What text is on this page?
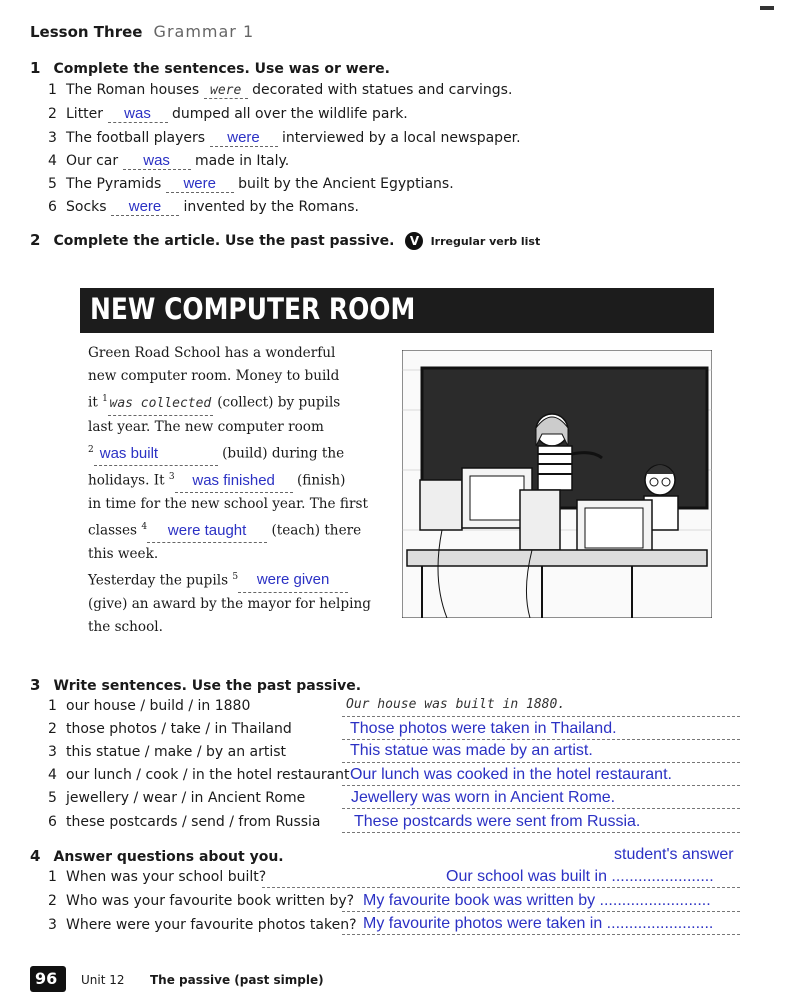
Lesson Three Grammar 1
1 Complete the sentences. Use was or were.
1 The Roman houses were decorated with statues and carvings.
2 Litter was dumped all over the wildlife park.
3 The football players were interviewed by a local newspaper.
4 Our car was made in Italy.
5 The Pyramids were built by the Ancient Egyptians.
6 Socks were invented by the Romans.
2 Complete the article. Use the past passive. V Irregular verb list
NEW COMPUTER ROOM
Green Road School has a wonderful
new computer room. Money to build
it $^1$ was collected (collect) by pupils
last year. The new computer room
$^2$ was built	(build) during the
holidays. It $^3$ was finished (finish)
in time for the new school year. The first
classes $^4$ were taught (teach) there
this week.
Yesterday the pupils $^5$ were given
(give) an award by the mayor for helping
the school.
3 Write sentences. Use the past passive.
1 our house / build / in 1880
2 those photos / take / in Thailand
3 this statue / make / by an artist
4 our lunch / cook / in the hotel restaurant
5 jewellery / wear / in Ancient Rome
6 these postcards / send / from Russia
Our house was built in 1880.
Those photos were taken in Thailand.
This statue was made by an artist.
Our lunch was cooked in the hotel restaurant.
Jewellery was worn in Ancient Rome.
These postcards were sent from Russia.
4 Answer questions about you.	student's answer
1 When was your school built?
2 Who was your favourite book written by?
3 Where were your favourite photos taken?
Our school was built in .......................
My favourite book was written by .........................
My favourite photos were taken in ........................
96 Unit 12 The passive (past simple)
